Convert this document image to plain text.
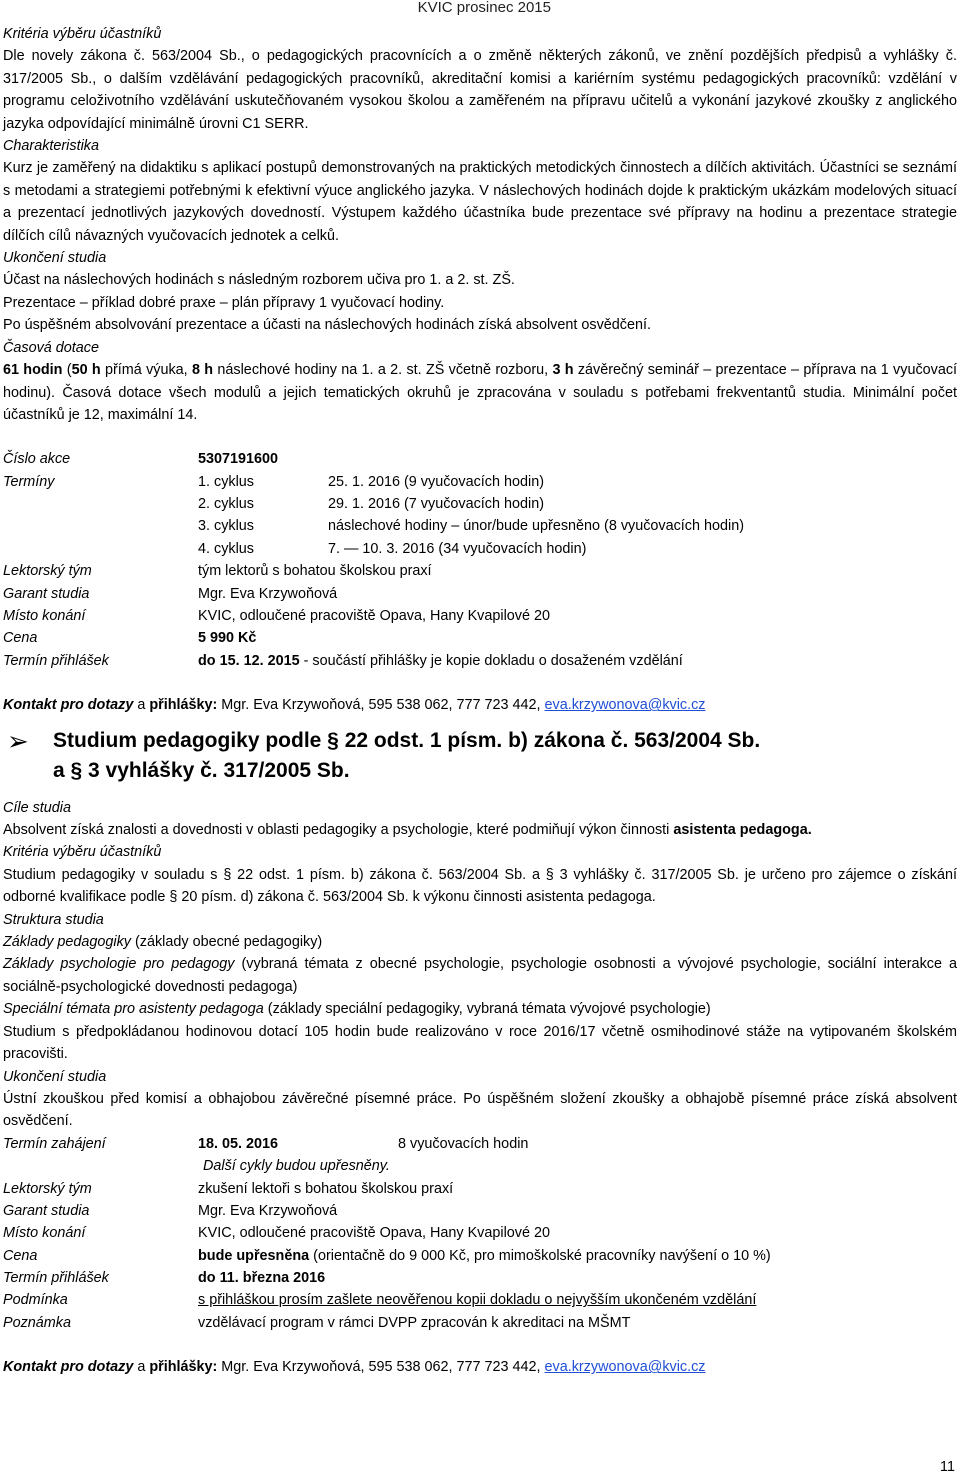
KVIC prosinec 2015

Kritéria výběru účastníků

Dle novely zákona č. 563/2004 Sb., o pedagogických pracovnících a o změně některých zákonů, ve znění pozdějších předpisů a vyhlášky č. 317/2005 Sb., o dalším vzdělávání pedagogických pracovníků, akreditační komisi a kariérním systému pedagogických pracovníků: vzdělání v programu celoživotního vzdělávání uskutečňovaném vysokou školou a zaměřeném na přípravu učitelů a vykonání jazykové zkoušky z anglického jazyka odpovídající minimálně úrovni C1 SERR.

Charakteristika

Kurz je zaměřený na didaktiku s aplikací postupů demonstrovaných na praktických metodických činnostech a dílčích aktivitách. Účastníci se seznámí s metodami a strategiemi potřebnými k efektivní výuce anglického jazyka. V náslechových hodinách dojde k praktickým ukázkám modelových situací a prezentací jednotlivých jazykových dovedností. Výstupem každého účastníka bude prezentace své přípravy na hodinu a prezentace strategie dílčích cílů návazných vyučovacích jednotek a celků.

Ukončení studia

Účast na náslechových hodinách s následným rozborem učiva pro 1. a 2. st. ZŠ.

Prezentace – příklad dobré praxe – plán přípravy 1 vyučovací hodiny.

Po úspěšném absolvování prezentace a účasti na náslechových hodinách získá absolvent osvědčení.

Časová dotace

61 hodin (50 h přímá výuka, 8 h náslechové hodiny na 1. a 2. st. ZŠ včetně rozboru, 3 h závěrečný seminář – prezentace – příprava na 1 vyučovací hodinu). Časová dotace všech modulů a jejich tematických okruhů je zpracována v souladu s potřebami frekventantů studia. Minimální počet účastníků je 12, maximální 14.

Číslo akce	5307191600
Termíny	1. cyklus	25. 1. 2016 (9 vyučovacích hodin)
2. cyklus	29. 1. 2016 (7 vyučovacích hodin)
3. cyklus	náslechové hodiny – únor/bude upřesněno (8 vyučovacích hodin)
4. cyklus	7. — 10. 3. 2016 (34 vyučovacích hodin)
Lektorský tým	tým lektorů s bohatou školskou praxí
Garant studia	Mgr. Eva Krzywoňová
Místo konání	KVIC, odloučené pracoviště Opava, Hany Kvapilové 20
Cena	5 990 Kč
Termín přihlášek	do 15. 12. 2015 - součástí přihlášky je kopie dokladu o dosaženém vzdělání

Kontakt pro dotazy a přihlášky: Mgr. Eva Krzywoňová, 595 538 062, 777 723 442, eva.krzywonova@kvic.cz

➢ Studium pedagogiky podle § 22 odst. 1 písm. b) zákona č. 563/2004 Sb.
a § 3 vyhlášky č. 317/2005 Sb.

Cíle studia

Absolvent získá znalosti a dovednosti v oblasti pedagogiky a psychologie, které podmiňují výkon činnosti asistenta pedagoga.

Kritéria výběru účastníků

Studium pedagogiky v souladu s § 22 odst. 1 písm. b) zákona č. 563/2004 Sb. a § 3 vyhlášky č. 317/2005 Sb. je určeno pro zájemce o získání odborné kvalifikace podle § 20 písm. d) zákona č. 563/2004 Sb. k výkonu činnosti asistenta pedagoga.

Struktura studia

Základy pedagogiky (základy obecné pedagogiky)

Základy psychologie pro pedagogy (vybraná témata z obecné psychologie, psychologie osobnosti a vývojové psychologie, sociální interakce a sociálně-psychologické dovednosti pedagoga)

Speciální témata pro asistenty pedagoga (základy speciální pedagogiky, vybraná témata vývojové psychologie)

Studium s předpokládanou hodinovou dotací 105 hodin bude realizováno v roce 2016/17 včetně osmihodinové stáže na vytipovaném školském pracovišti.

Ukončení studia

Ústní zkouškou před komisí a obhajobou závěrečné písemné práce. Po úspěšném složení zkoušky a obhajobě písemné práce získá absolvent osvědčení.

Termín zahájení	18. 05. 2016	8 vyučovacích hodin
Další cykly budou upřesněny.
Lektorský tým	zkušení lektoři s bohatou školskou praxí
Garant studia	Mgr. Eva Krzywoňová
Místo konání	KVIC, odloučené pracoviště Opava, Hany Kvapilové 20
Cena	bude upřesněna (orientačně do 9 000 Kč, pro mimoškolské pracovníky navýšení o 10 %)
Termín přihlášek	do 11. března 2016
Podmínka	s přihláškou prosím zašlete neověřenou kopii dokladu o nejvyšším ukončeném vzdělání
Poznámka	vzdělávací program v rámci DVPP zpracován k akreditaci na MŠMT

Kontakt pro dotazy a přihlášky: Mgr. Eva Krzywoňová, 595 538 062, 777 723 442, eva.krzywonova@kvic.cz

11
